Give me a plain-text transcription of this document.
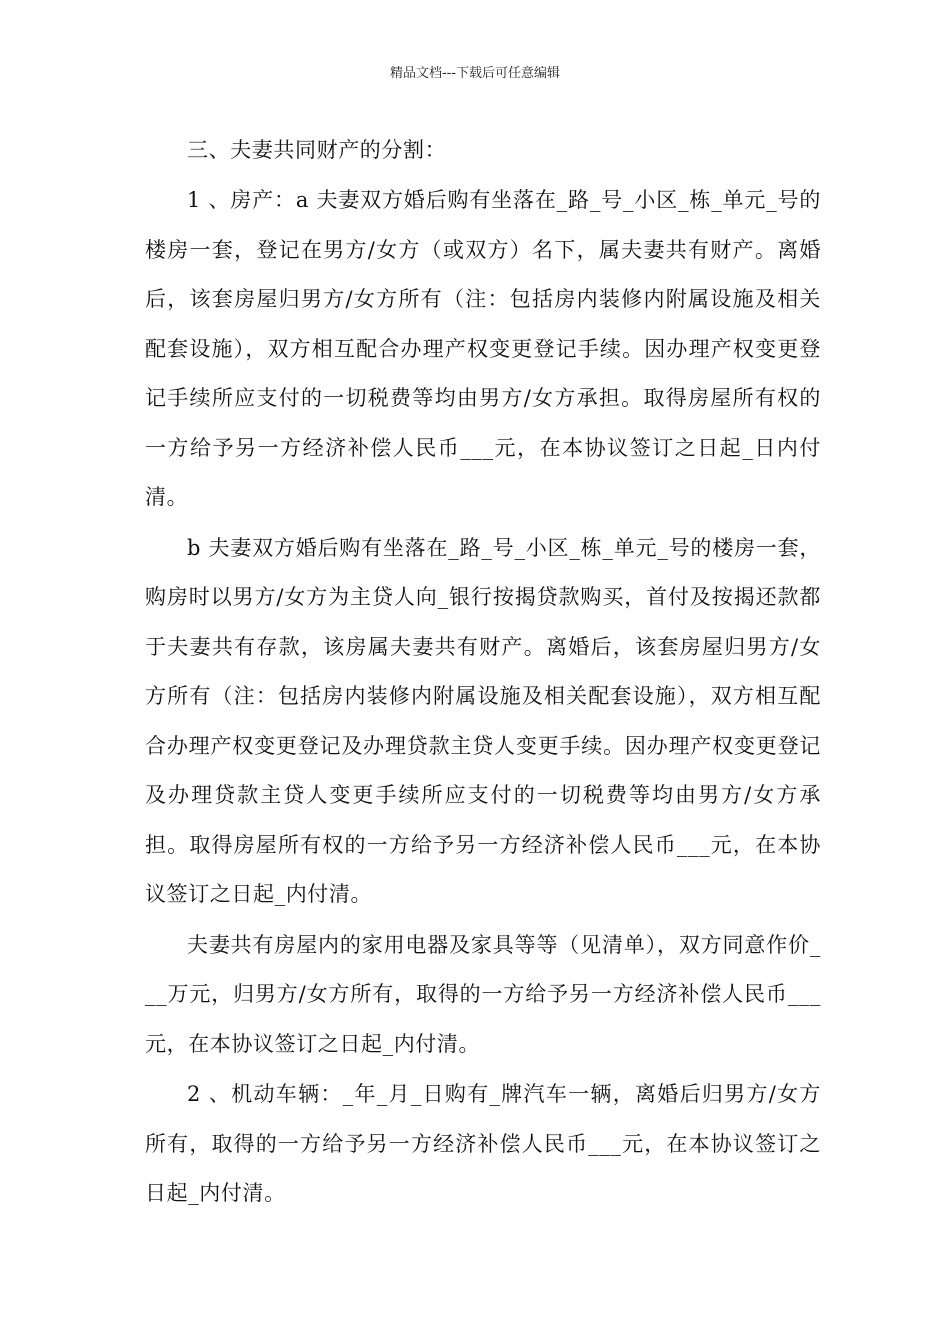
精品文档---下载后可任意编辑

三、夫妻共同财产的分割：

1 、房产：a 夫妻双方婚后购有坐落在_路_号_小区_栋_单元_号的楼房一套，登记在男方/女方（或双方）名下，属夫妻共有财产。离婚后，该套房屋归男方/女方所有（注：包括房内装修内附属设施及相关配套设施），双方相互配合办理产权变更登记手续。因办理产权变更登记手续所应支付的一切税费等均由男方/女方承担。取得房屋所有权的一方给予另一方经济补偿人民币___元，在本协议签订之日起_日内付清。

b 夫妻双方婚后购有坐落在_路_号_小区_栋_单元_号的楼房一套，购房时以男方/女方为主贷人向_银行按揭贷款购买，首付及按揭还款都于夫妻共有存款，该房属夫妻共有财产。离婚后，该套房屋归男方/女方所有（注：包括房内装修内附属设施及相关配套设施），双方相互配合办理产权变更登记及办理贷款主贷人变更手续。因办理产权变更登记及办理贷款主贷人变更手续所应支付的一切税费等均由男方/女方承担。取得房屋所有权的一方给予另一方经济补偿人民币___元，在本协议签订之日起_内付清。

夫妻共有房屋内的家用电器及家具等等（见清单），双方同意作价___万元，归男方/女方所有，取得的一方给予另一方经济补偿人民币___元，在本协议签订之日起_内付清。

2 、机动车辆：_年_月_日购有_牌汽车一辆，离婚后归男方/女方所有，取得的一方给予另一方经济补偿人民币___元，在本协议签订之日起_内付清。
